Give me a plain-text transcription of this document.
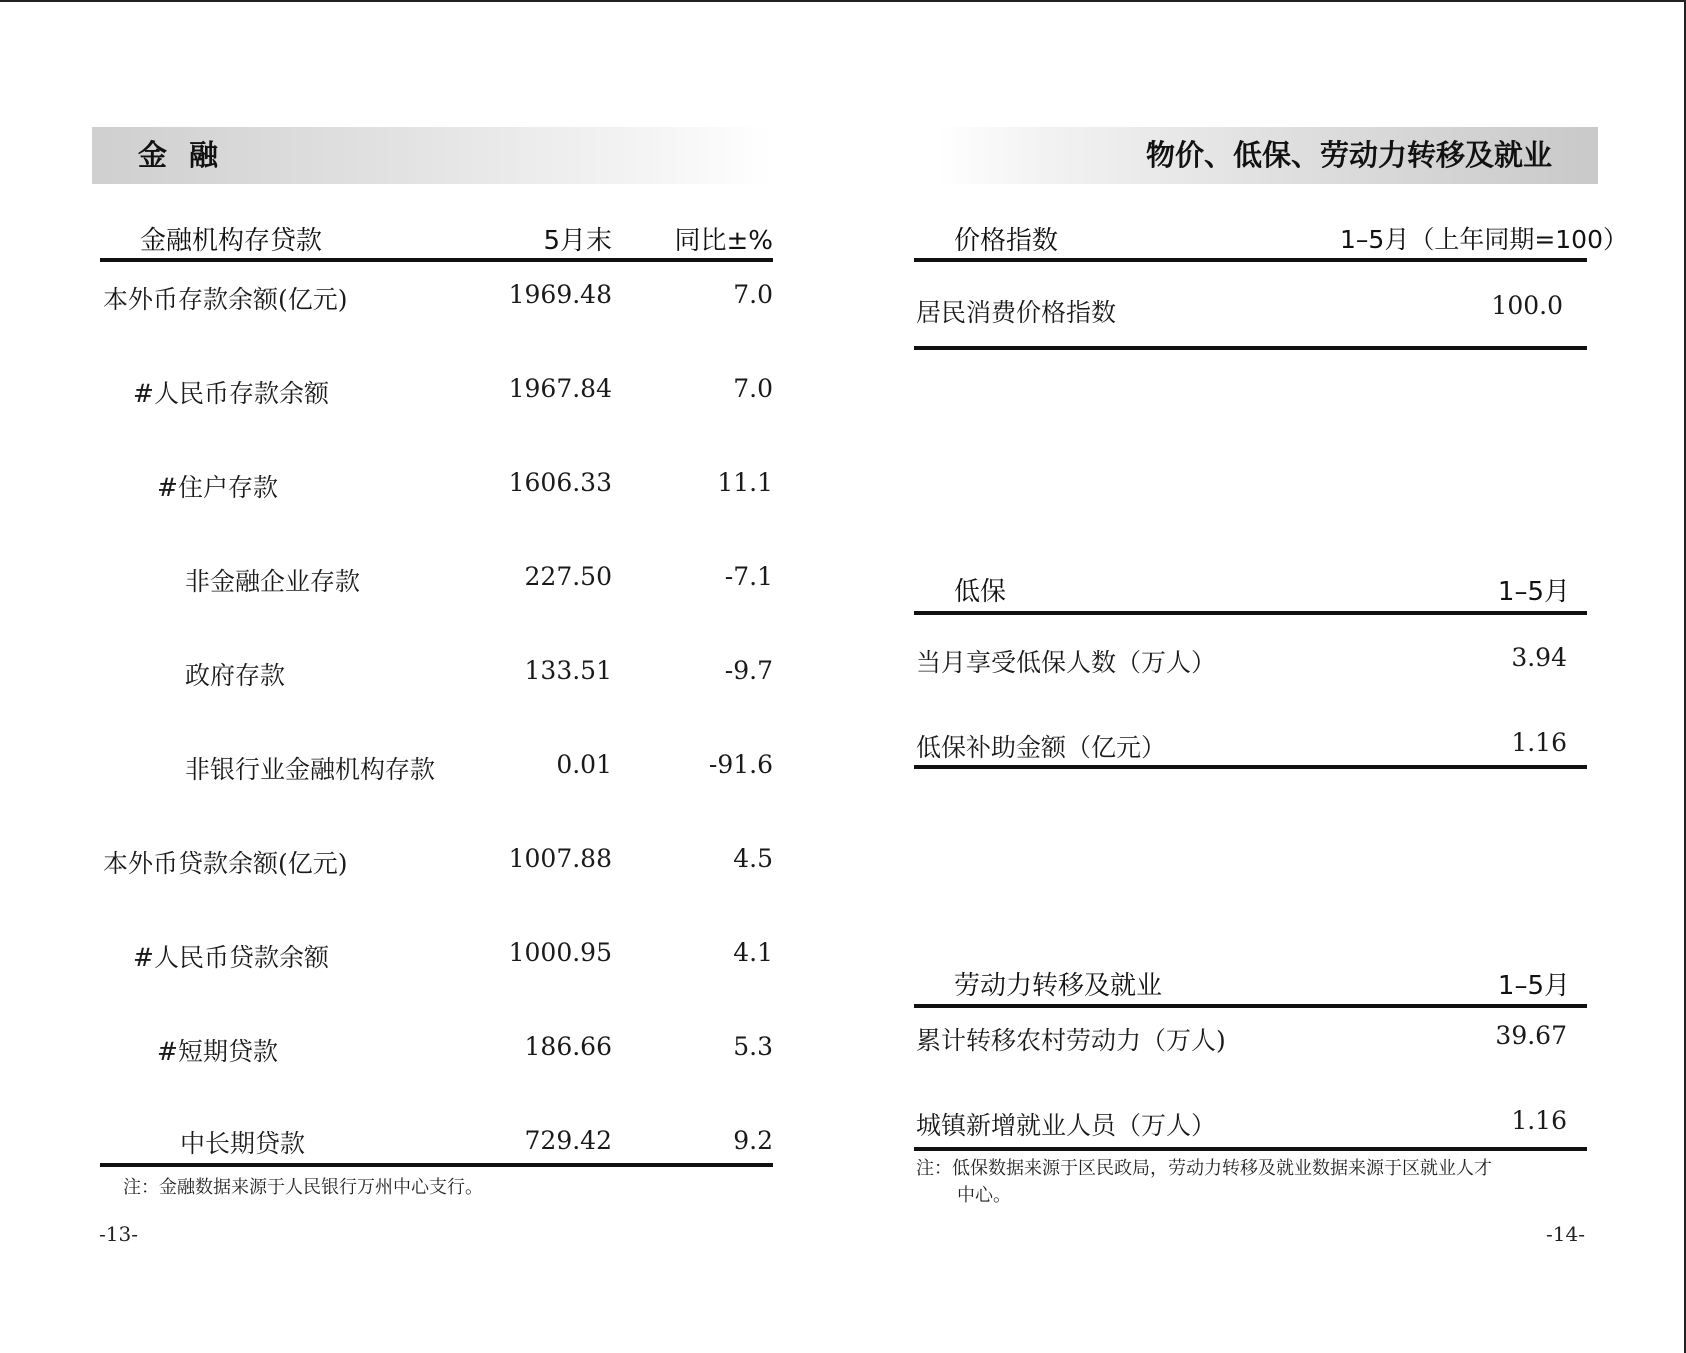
金融
金融机构存贷款	5月末	同比±%
本外币存款余额(亿元)	1969.48	7.0
#人民币存款余额	1967.84	7.0
#住户存款	1606.33	11.1
非金融企业存款	227.50	-7.1
政府存款	133.51	-9.7
非银行业金融机构存款	0.01	-91.6
本外币贷款余额(亿元)	1007.88	4.5
#人民币贷款余额	1000.95	4.1
#短期贷款	186.66	5.3
中长期贷款	729.42	9.2
注：金融数据来源于人民银行万州中心支行。
-13-
物价、低保、劳动力转移及就业
价格指数	1–5月（上年同期=100）
居民消费价格指数	100.0
低保	1–5月
当月享受低保人数（万人）	3.94
低保补助金额（亿元）	1.16
劳动力转移及就业	1–5月
累计转移农村劳动力（万人)	39.67
城镇新增就业人员（万人）	1.16
注：低保数据来源于区民政局，劳动力转移及就业数据来源于区就业人才
中心。
-14-
